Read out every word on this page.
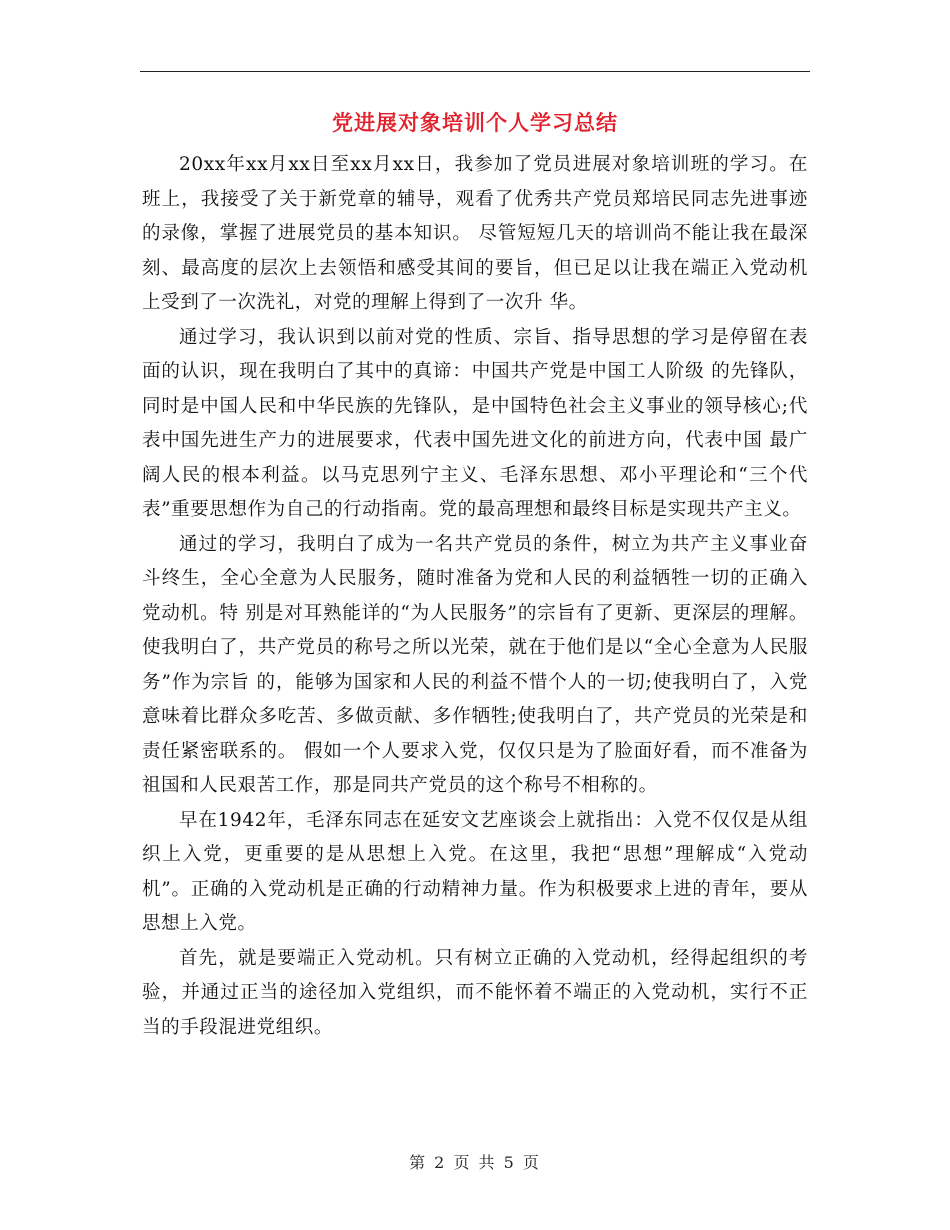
党进展对象培训个人学习总结

20xx年xx月xx日至xx月xx日，我参加了党员进展对象培训班的学习。在班上，我接受了关于新党章的辅导，观看了优秀共产党员郑培民同志先进事迹的录像，掌握了进展党员的基本知识。 尽管短短几天的培训尚不能让我在最深刻、最高度的层次上去领悟和感受其间的要旨，但已足以让我在端正入党动机上受到了一次洗礼，对党的理解上得到了一次升 华。

通过学习，我认识到以前对党的性质、宗旨、指导思想的学习是停留在表面的认识，现在我明白了其中的真谛：中国共产党是中国工人阶级 的先锋队，同时是中国人民和中华民族的先锋队，是中国特色社会主义事业的领导核心;代表中国先进生产力的进展要求，代表中国先进文化的前进方向，代表中国 最广阔人民的根本利益。以马克思列宁主义、毛泽东思想、邓小平理论和“三个代表”重要思想作为自己的行动指南。党的最高理想和最终目标是实现共产主义。

通过的学习，我明白了成为一名共产党员的条件，树立为共产主义事业奋斗终生，全心全意为人民服务，随时准备为党和人民的利益牺牲一切的正确入党动机。特 别是对耳熟能详的“为人民服务”的宗旨有了更新、更深层的理解。使我明白了，共产党员的称号之所以光荣，就在于他们是以“全心全意为人民服务”作为宗旨 的，能够为国家和人民的利益不惜个人的一切;使我明白了，入党意味着比群众多吃苦、多做贡献、多作牺牲;使我明白了，共产党员的光荣是和责任紧密联系的。 假如一个人要求入党，仅仅只是为了脸面好看，而不准备为祖国和人民艰苦工作，那是同共产党员的这个称号不相称的。

早在1942年，毛泽东同志在延安文艺座谈会上就指出：入党不仅仅是从组织上入党，更重要的是从思想上入党。在这里，我把“思想”理解成“入党动机”。正确的入党动机是正确的行动精神力量。作为积极要求上进的青年，要从思想上入党。

首先，就是要端正入党动机。只有树立正确的入党动机，经得起组织的考验，并通过正当的途径加入党组织，而不能怀着不端正的入党动机，实行不正当的手段混进党组织。

第 2 页 共 5 页
